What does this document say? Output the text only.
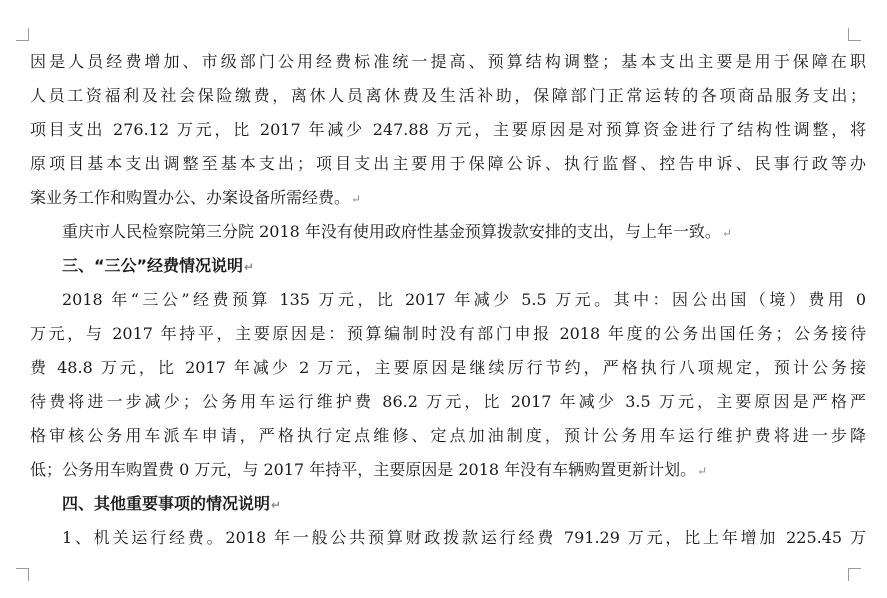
因是人员经费增加、市级部门公用经费标准统一提高、预算结构调整；基本支出主要是用于保障在职
人员工资福利及社会保险缴费，离休人员离休费及生活补助，保障部门正常运转的各项商品服务支出；
项目支出 276.12 万元，比 2017 年减少 247.88 万元，主要原因是对预算资金进行了结构性调整，将
原项目基本支出调整至基本支出；项目支出主要用于保障公诉、执行监督、控告申诉、民事行政等办
案业务工作和购置办公、办案设备所需经费。↵
重庆市人民检察院第三分院 2018 年没有使用政府性基金预算拨款安排的支出，与上年一致。↵
三、“三公”经费情况说明↵
2018 年“三公”经费预算 135 万元，比 2017 年减少 5.5 万元。其中：因公出国（境）费用 0
万元，与 2017 年持平，主要原因是：预算编制时没有部门申报 2018 年度的公务出国任务；公务接待
费 48.8 万元，比 2017 年减少 2 万元，主要原因是继续厉行节约，严格执行八项规定，预计公务接
待费将进一步减少；公务用车运行维护费 86.2 万元，比 2017 年减少 3.5 万元，主要原因是严格严
格审核公务用车派车申请，严格执行定点维修、定点加油制度，预计公务用车运行维护费将进一步降
低；公务用车购置费 0 万元，与 2017 年持平，主要原因是 2018 年没有车辆购置更新计划。↵
四、其他重要事项的情况说明↵
1、机关运行经费。2018 年一般公共预算财政拨款运行经费 791.29 万元，比上年增加 225.45 万
